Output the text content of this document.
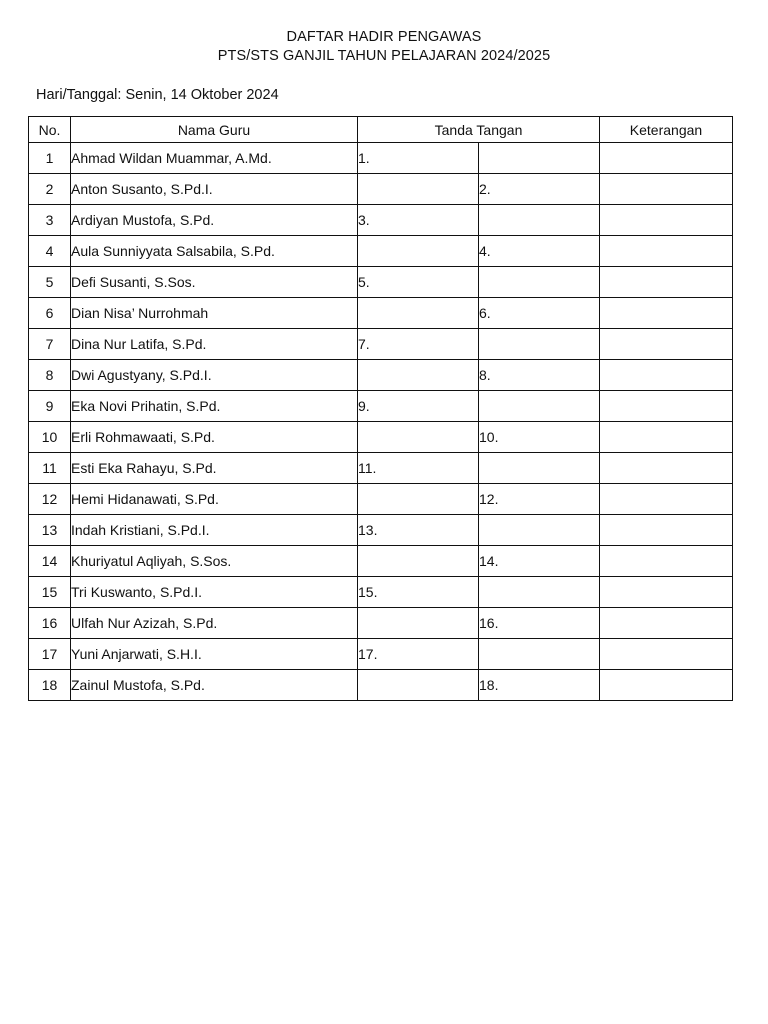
DAFTAR HADIR PENGAWAS
PTS/STS GANJIL TAHUN PELAJARAN 2024/2025
Hari/Tanggal: Senin, 14 Oktober 2024
No.	Nama Guru	Tanda Tangan		Keterangan
1	Ahmad Wildan Muammar, A.Md.	1.		
2	Anton Susanto, S.Pd.I.		2.	
3	Ardiyan Mustofa, S.Pd.	3.		
4	Aula Sunniyyata Salsabila, S.Pd.		4.	
5	Defi Susanti, S.Sos.	5.		
6	Dian Nisa’ Nurrohmah		6.	
7	Dina Nur Latifa, S.Pd.	7.		
8	Dwi Agustyany, S.Pd.I.		8.	
9	Eka Novi Prihatin, S.Pd.	9.		
10	Erli Rohmawaati, S.Pd.		10.	
11	Esti Eka Rahayu, S.Pd.	11.		
12	Hemi Hidanawati, S.Pd.		12.	
13	Indah Kristiani, S.Pd.I.	13.		
14	Khuriyatul Aqliyah, S.Sos.		14.	
15	Tri Kuswanto, S.Pd.I.	15.		
16	Ulfah Nur Azizah, S.Pd.		16.	
17	Yuni Anjarwati, S.H.I.	17.		
18	Zainul Mustofa, S.Pd.		18.	
